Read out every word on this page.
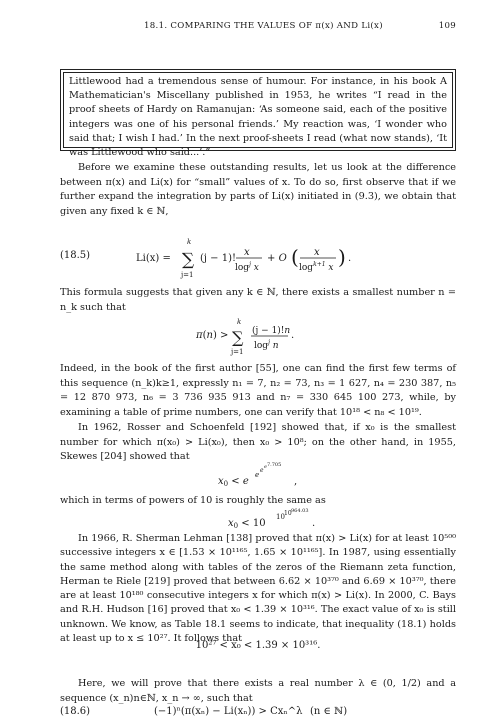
18.1. COMPARING THE VALUES OF π(x) AND Li(x)	109
Littlewood had a tremendous sense of humour. For instance, in his book A Mathematician's Miscellany published in 1953, he writes “I read in the proof sheets of Hardy on Ramanujan: ‘As someone said, each of the positive integers was one of his personal friends.’ My reaction was, ‘I wonder who said that; I wish I had.’ In the next proof-sheets I read (what now stands), ‘It was Littlewood who said...’.”
Before we examine these outstanding results, let us look at the difference between π(x) and Li(x) for “small” values of x. To do so, first observe that if we further expand the integration by parts of Li(x) initiated in (9.3), we obtain that given any fixed k ∈ ℕ,
(18.5)	Li(x) = ∑
k
j=1
(j − 1)!
x
$\log^j x$
+ O ( x
$\log^{k+1} x$ ) .
This formula suggests that given any k ∈ ℕ, there exists a smallest number n = n_k such that
π(n) > ∑
k
j=1
(j − 1)!n
$\log^j n$
.
Indeed, in the book of the first author [55], one can find the first few terms of this sequence (n_k)k≥1, expressly n₁ = 7, n₂ = 73, n₃ = 1 627, n₄ = 230 387, n₅ = 12 870 973, n₆ = 3 736 935 913 and n₇ = 330 645 100 273, while, by examining a table of prime numbers, one can verify that 10¹⁸ < n₈ < 10¹⁹.
In 1962, Rosser and Schoenfeld [192] showed that, if x₀ is the smallest number for which π(x₀) > Li(x₀), then x₀ > 10⁸; on the other hand, in 1955, Skewes [204] showed that
$x_0 < e$
e
e e7.705
,
which in terms of powers of 10 is roughly the same as
$x_0 < 10$
10 10 964.03
.
In 1966, R. Sherman Lehman [138] proved that π(x) > Li(x) for at least 10⁵⁰⁰ successive integers x ∈ [1.53 × 10¹¹⁶⁵, 1.65 × 10¹¹⁶⁵]. In 1987, using essentially the same method along with tables of the zeros of the Riemann zeta function, Herman te Riele [219] proved that between 6.62 × 10³⁷⁰ and 6.69 × 10³⁷⁰, there are at least 10¹⁸⁰ consecutive integers x for which π(x) > Li(x). In 2000, C. Bays and R.H. Hudson [16] proved that x₀ < 1.39 × 10³¹⁶. The exact value of x₀ is still unknown. We know, as Table 18.1 seems to indicate, that inequality (18.1) holds at least up to x ≤ 10²⁷. It follows that
10²⁷ < x₀ < 1.39 × 10³¹⁶.
Here, we will prove that there exists a real number λ ∈ (0, 1/2) and a sequence (x_n)n∈ℕ, x_n → ∞, such that
(18.6)	(−1)ⁿ(π(xₙ) − Li(xₙ)) > Cxₙ^λ (n ∈ ℕ)
